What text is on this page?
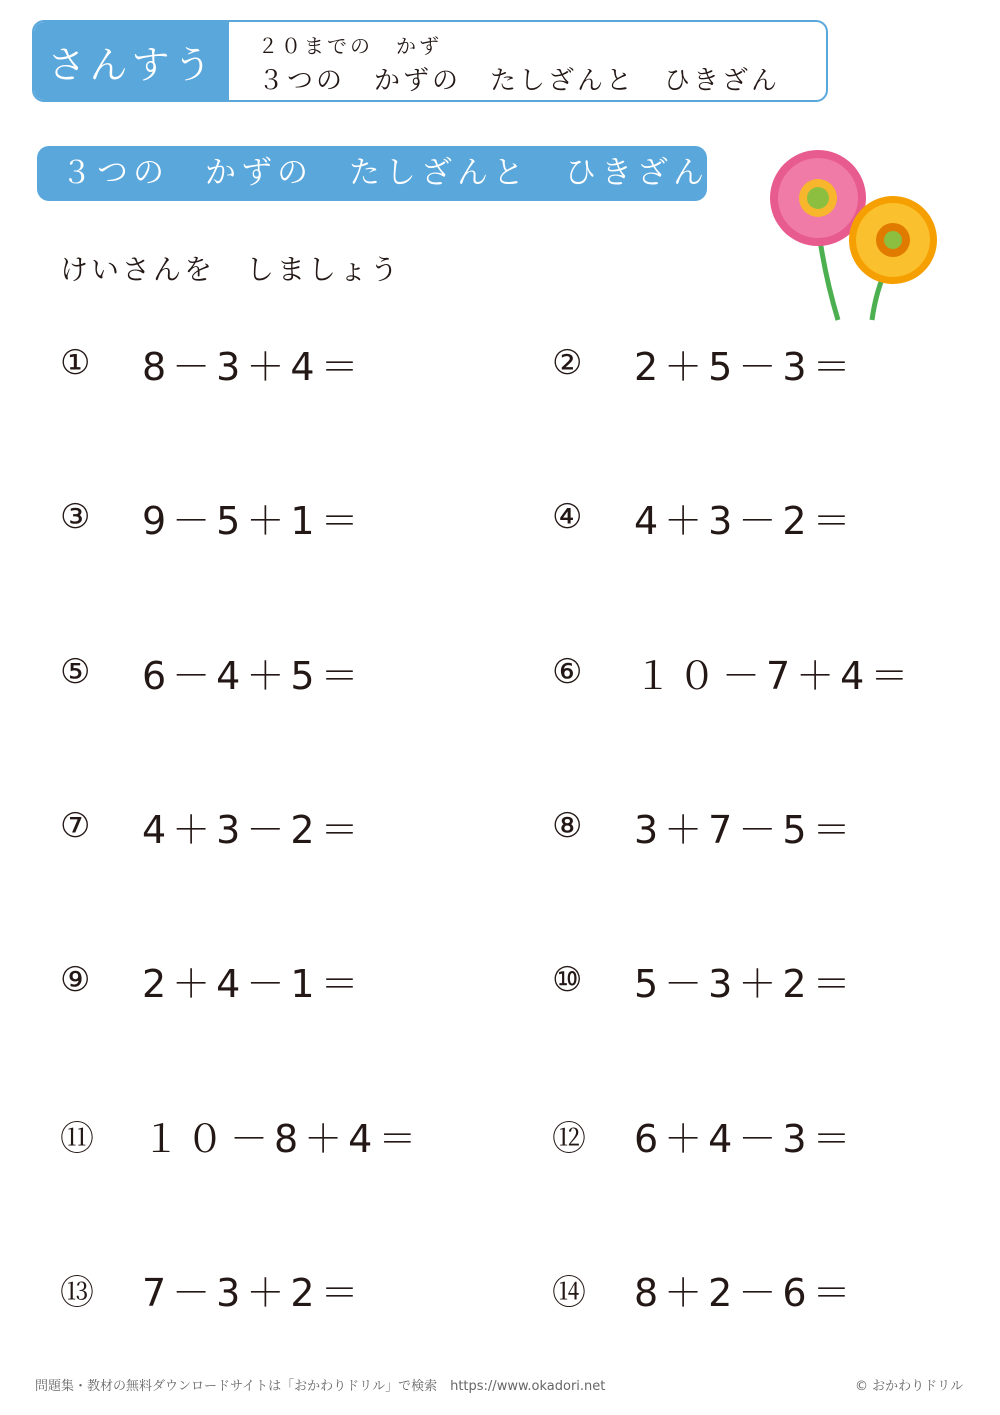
さんすう	２０までの　かず
３つの　かずの　たしざんと　ひきざん
３つの　かずの　たしざんと　ひきざん
けいさんを　しましょう
①	8－3＋4＝	②	2＋5－3＝
③	9－5＋1＝	④	4＋3－2＝
⑤	6－4＋5＝	⑥	１０－7＋4＝
⑦	4＋3－2＝	⑧	3＋7－5＝
⑨	2＋4－1＝	⑩	5－3＋2＝
⑪	１０－8＋4＝	⑫	6＋4－3＝
⑬	7－3＋2＝	⑭	8＋2－6＝
問題集・教材の無料ダウンロードサイトは「おかわりドリル」で検索　https://www.okadori.net	© おかわりドリル
